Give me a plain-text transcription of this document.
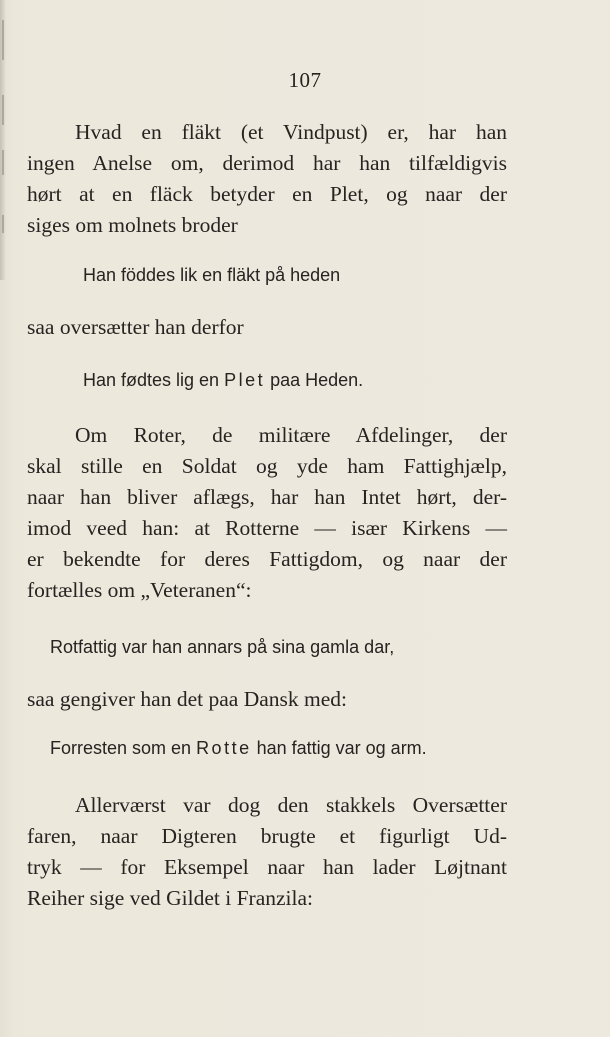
107
Hvad en fläkt (et Vindpust) er, har han
ingen Anelse om, derimod har han tilfældigvis
hørt at en fläck betyder en Plet, og naar der
siges om molnets broder
Han föddes lik en fläkt på heden
saa oversætter han derfor
Han fødtes lig en Plet paa Heden.
Om Roter, de militære Afdelinger, der
skal stille en Soldat og yde ham Fattighjælp,
naar han bliver aflægs, har han Intet hørt, der-
imod veed han: at Rotterne — især Kirkens —
er bekendte for deres Fattigdom, og naar der
fortælles om „Veteranen“:
Rotfattig var han annars på sina gamla dar,
saa gengiver han det paa Dansk med:
Forresten som en Rotte han fattig var og arm.
Allerværst var dog den stakkels Oversætter
faren, naar Digteren brugte et figurligt Ud-
tryk — for Eksempel naar han lader Løjtnant
Reiher sige ved Gildet i Franzila:
